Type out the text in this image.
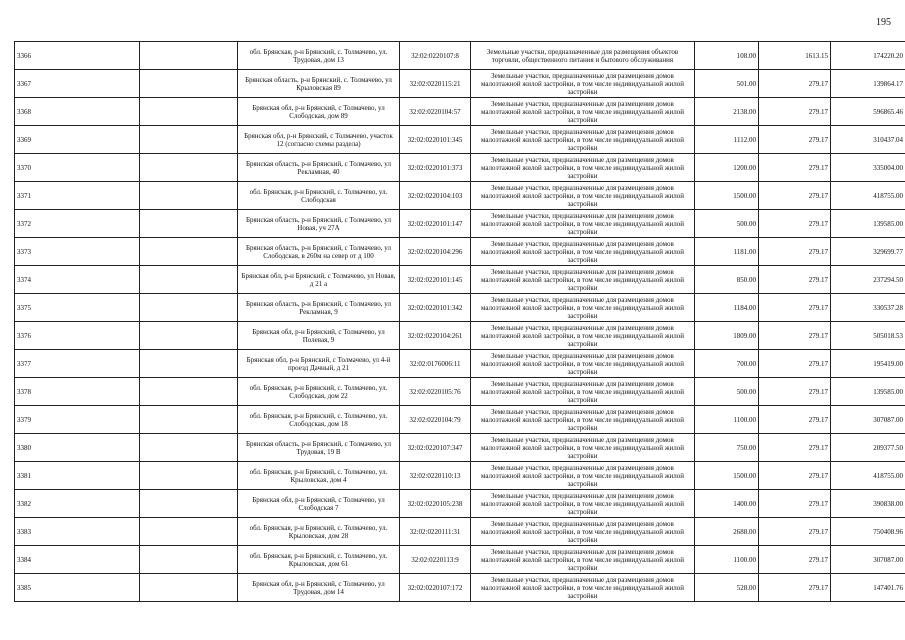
195
3366		обл. Брянская, р-н Брянский, с. Толмачево, ул. Трудовая, дом 13	32:02:0220107:8	Земельные участки, предназначенные для размещения объектов торговли, общественного питания и бытового обслуживания		108.00	1613.15	174220.20
3367		Брянская область, р-н Брянский, с. Толмачево, ул Крыловская 89	32:02:0220115:21	Земельные участки, предназначенные для размещения домов малоэтажной жилой застройки, в том числе индивидуальной жилой застройки		501.00	279.17	139864.17
3368		Брянская обл, р-н Брянский, с Толмачево, ул Слободская, дом 89	32:02:0220104:57	Земельные участки, предназначенные для размещения домов малоэтажной жилой застройки, в том числе индивидуальной жилой застройки		2138.00	279.17	596865.46
3369		Брянская обл, р-н Брянский, с Толмачево, участок 12 (согласно схемы раздела)	32:02:0220101:345	Земельные участки, предназначенные для размещения домов малоэтажной жилой застройки, в том числе индивидуальной жилой застройки		1112.00	279.17	310437.04
3370		Брянская область, р-н Брянский, с Толмачево, ул Рекламная, 40	32:02:0220101:373	Земельные участки, предназначенные для размещения домов малоэтажной жилой застройки, в том числе индивидуальной жилой застройки		1200.00	279.17	335004.00
3371		обл. Брянская, р-н Брянский, с. Толмачево, ул. Слободская	32:02:0220104:103	Земельные участки, предназначенные для размещения домов малоэтажной жилой застройки, в том числе индивидуальной жилой застройки		1500.00	279.17	418755.00
3372		Брянская область, р-н Брянский, с Толмачево, ул Новая, уч 27А	32:02:0220101:147	Земельные участки, предназначенные для размещения домов малоэтажной жилой застройки, в том числе индивидуальной жилой застройки		500.00	279.17	139585.00
3373		Брянская область, р-н Брянский, с Толмачево, ул Слободская, в 260м на север от д 100	32:02:0220104:296	Земельные участки, предназначенные для размещения домов малоэтажной жилой застройки, в том числе индивидуальной жилой застройки		1181.00	279.17	329699.77
3374		Брянская обл, р-н Брянский, с Толмачево, ул Новая, д 21 а	32:02:0220101:145	Земельные участки, предназначенные для размещения домов малоэтажной жилой застройки, в том числе индивидуальной жилой застройки		850.00	279.17	237294.50
3375		Брянская область, р-н Брянский, с Толмачево, ул Рекламная, 9	32:02:0220101:342	Земельные участки, предназначенные для размещения домов малоэтажной жилой застройки, в том числе индивидуальной жилой застройки		1184.00	279.17	330537.28
3376		Брянская обл, р-н Брянский, с Толмачево, ул Полевая, 9	32:02:0220104:261	Земельные участки, предназначенные для размещения домов малоэтажной жилой застройки, в том числе индивидуальной жилой застройки		1809.00	279.17	505018.53
3377		Брянская обл, р-н Брянский, с Толмачево, ул 4-й проезд Дачный, д 21	32:02:0176006:11	Земельные участки, предназначенные для размещения домов малоэтажной жилой застройки, в том числе индивидуальной жилой застройки		700.00	279.17	195419.00
3378		обл. Брянская, р-н Брянский, с. Толмачево, ул. Слободская, дом 22	32:02:0220105:76	Земельные участки, предназначенные для размещения домов малоэтажной жилой застройки, в том числе индивидуальной жилой застройки		500.00	279.17	139585.00
3379		обл. Брянская, р-н Брянский, с. Толмачево, ул. Слободская, дом 18	32:02:0220104:79	Земельные участки, предназначенные для размещения домов малоэтажной жилой застройки, в том числе индивидуальной жилой застройки		1100.00	279.17	307087.00
3380		Брянская область, р-н Брянский, с Толмачево, ул Трудовая, 19 В	32:02:0220107:347	Земельные участки, предназначенные для размещения домов малоэтажной жилой застройки, в том числе индивидуальной жилой застройки		750.00	279.17	209377.50
3381		обл. Брянская, р-н Брянский, с. Толмачево, ул. Крыловская, дом 4	32:02:0220110:13	Земельные участки, предназначенные для размещения домов малоэтажной жилой застройки, в том числе индивидуальной жилой застройки		1500.00	279.17	418755.00
3382		Брянская обл, р-н Брянский, с Толмачево, ул Слободская 7	32:02:0220105:238	Земельные участки, предназначенные для размещения домов малоэтажной жилой застройки, в том числе индивидуальной жилой застройки		1400.00	279.17	390838.00
3383		обл. Брянская, р-н Брянский, с. Толмачево, ул. Крыловская, дом 28	32:02:0220111:31	Земельные участки, предназначенные для размещения домов малоэтажной жилой застройки, в том числе индивидуальной жилой застройки		2688.00	279.17	750408.96
3384		обл. Брянская, р-н Брянский, с. Толмачево, ул. Крыловская, дом 61	32:02:0220113:9	Земельные участки, предназначенные для размещения домов малоэтажной жилой застройки, в том числе индивидуальной жилой застройки		1100.00	279.17	307087.00
3385		Брянская обл, р-н Брянский, с Толмачево, ул Трудовая, дом 14	32:02:0220107:172	Земельные участки, предназначенные для размещения домов малоэтажной жилой застройки, в том числе индивидуальной жилой застройки		528.00	279.17	147401.76
